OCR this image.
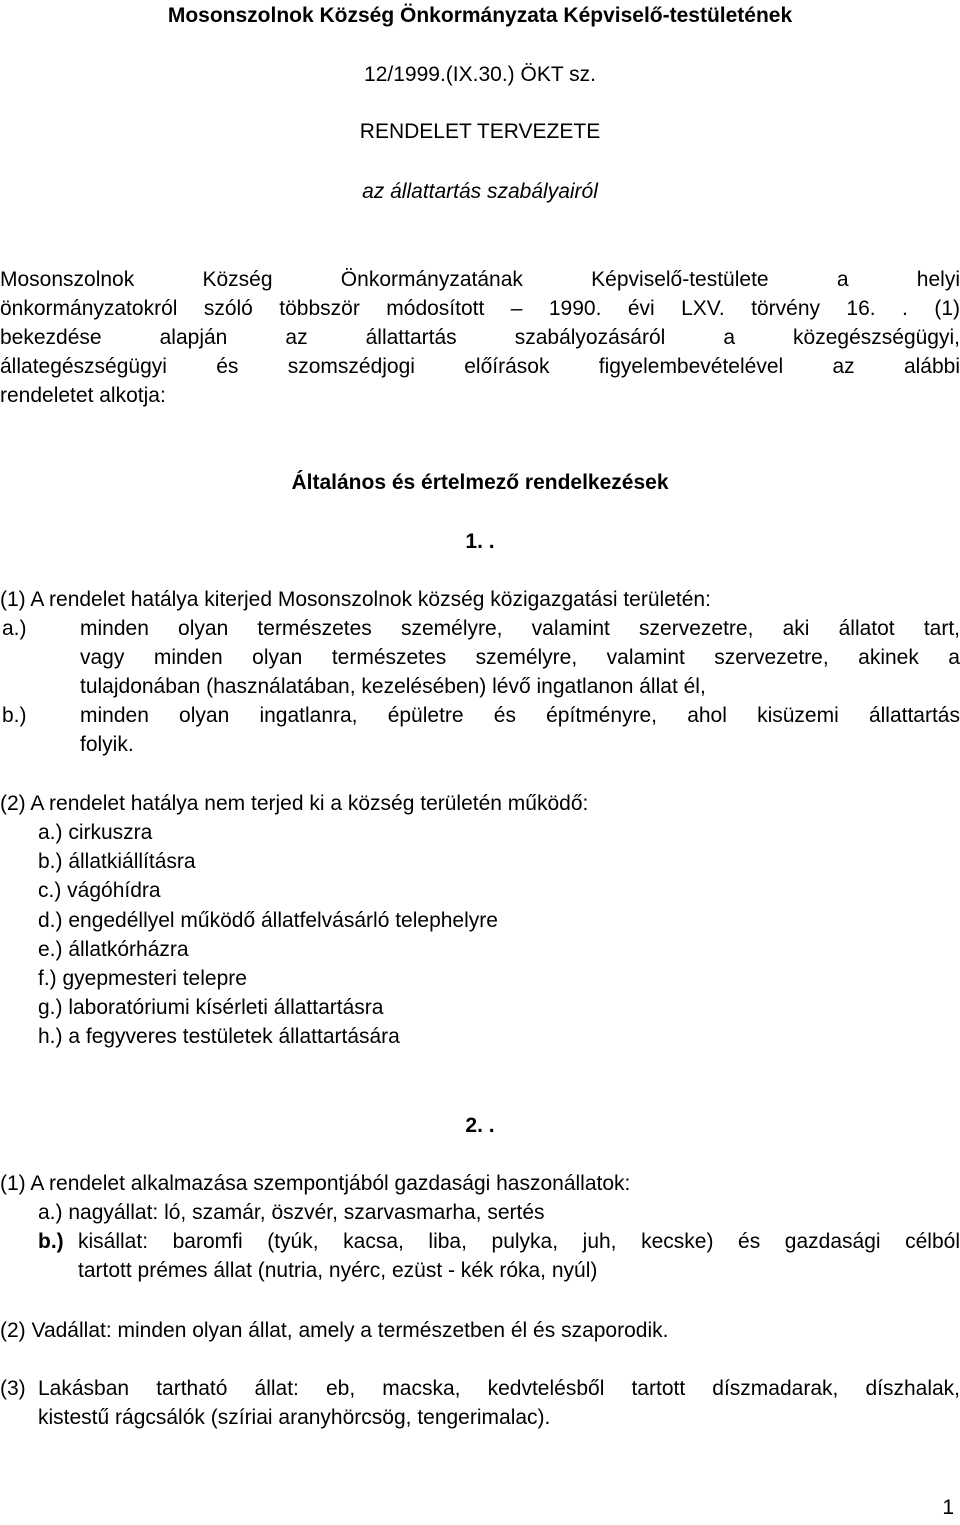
Mosonszolnok Község Önkormányzata Képviselő-testületének
12/1999.(IX.30.) ÖKT sz.
RENDELET TERVEZETE
az állattartás szabályairól
Mosonszolnok Község Önkormányzatának Képviselő-testülete a helyi
önkormányzatokról szóló többször módosított – 1990. évi LXV. törvény 16. . (1)
bekezdése alapján az állattartás szabályozásáról a közegészségügyi,
állategészségügyi és szomszédjogi előírások figyelembevételével az alábbi
rendeletet alkotja:
Általános és értelmező rendelkezések
1. .
(1) A rendelet hatálya kiterjed Mosonszolnok község közigazgatási területén:
a.)	minden olyan természetes személyre, valamint szervezetre, aki állatot tart,
vagy minden olyan természetes személyre, valamint szervezetre, akinek a
tulajdonában (használatában, kezelésében) lévő ingatlanon állat él,
b.)	minden olyan ingatlanra, épületre és építményre, ahol kisüzemi állattartás
folyik.
(2) A rendelet hatálya nem terjed ki a község területén működő:
a.) cirkuszra
b.) állatkiállításra
c.) vágóhídra
d.) engedéllyel működő állatfelvásárló telephelyre
e.) állatkórházra
f.) gyepmesteri telepre
g.) laboratóriumi kísérleti állattartásra
h.) a fegyveres testületek állattartására
2. .
(1) A rendelet alkalmazása szempontjából gazdasági haszonállatok:
a.) nagyállat: ló, szamár, öszvér, szarvasmarha, sertés
b.) kisállat: baromfi (tyúk, kacsa, liba, pulyka, juh, kecske) és gazdasági célból
tartott prémes állat (nutria, nyérc, ezüst - kék róka, nyúl)
(2) Vadállat: minden olyan állat, amely a természetben él és szaporodik.
(3) Lakásban tartható állat: eb, macska, kedvtelésből tartott díszmadarak, díszhalak,
kistestű rágcsálók (szíriai aranyhörcsög, tengerimalac).
1
